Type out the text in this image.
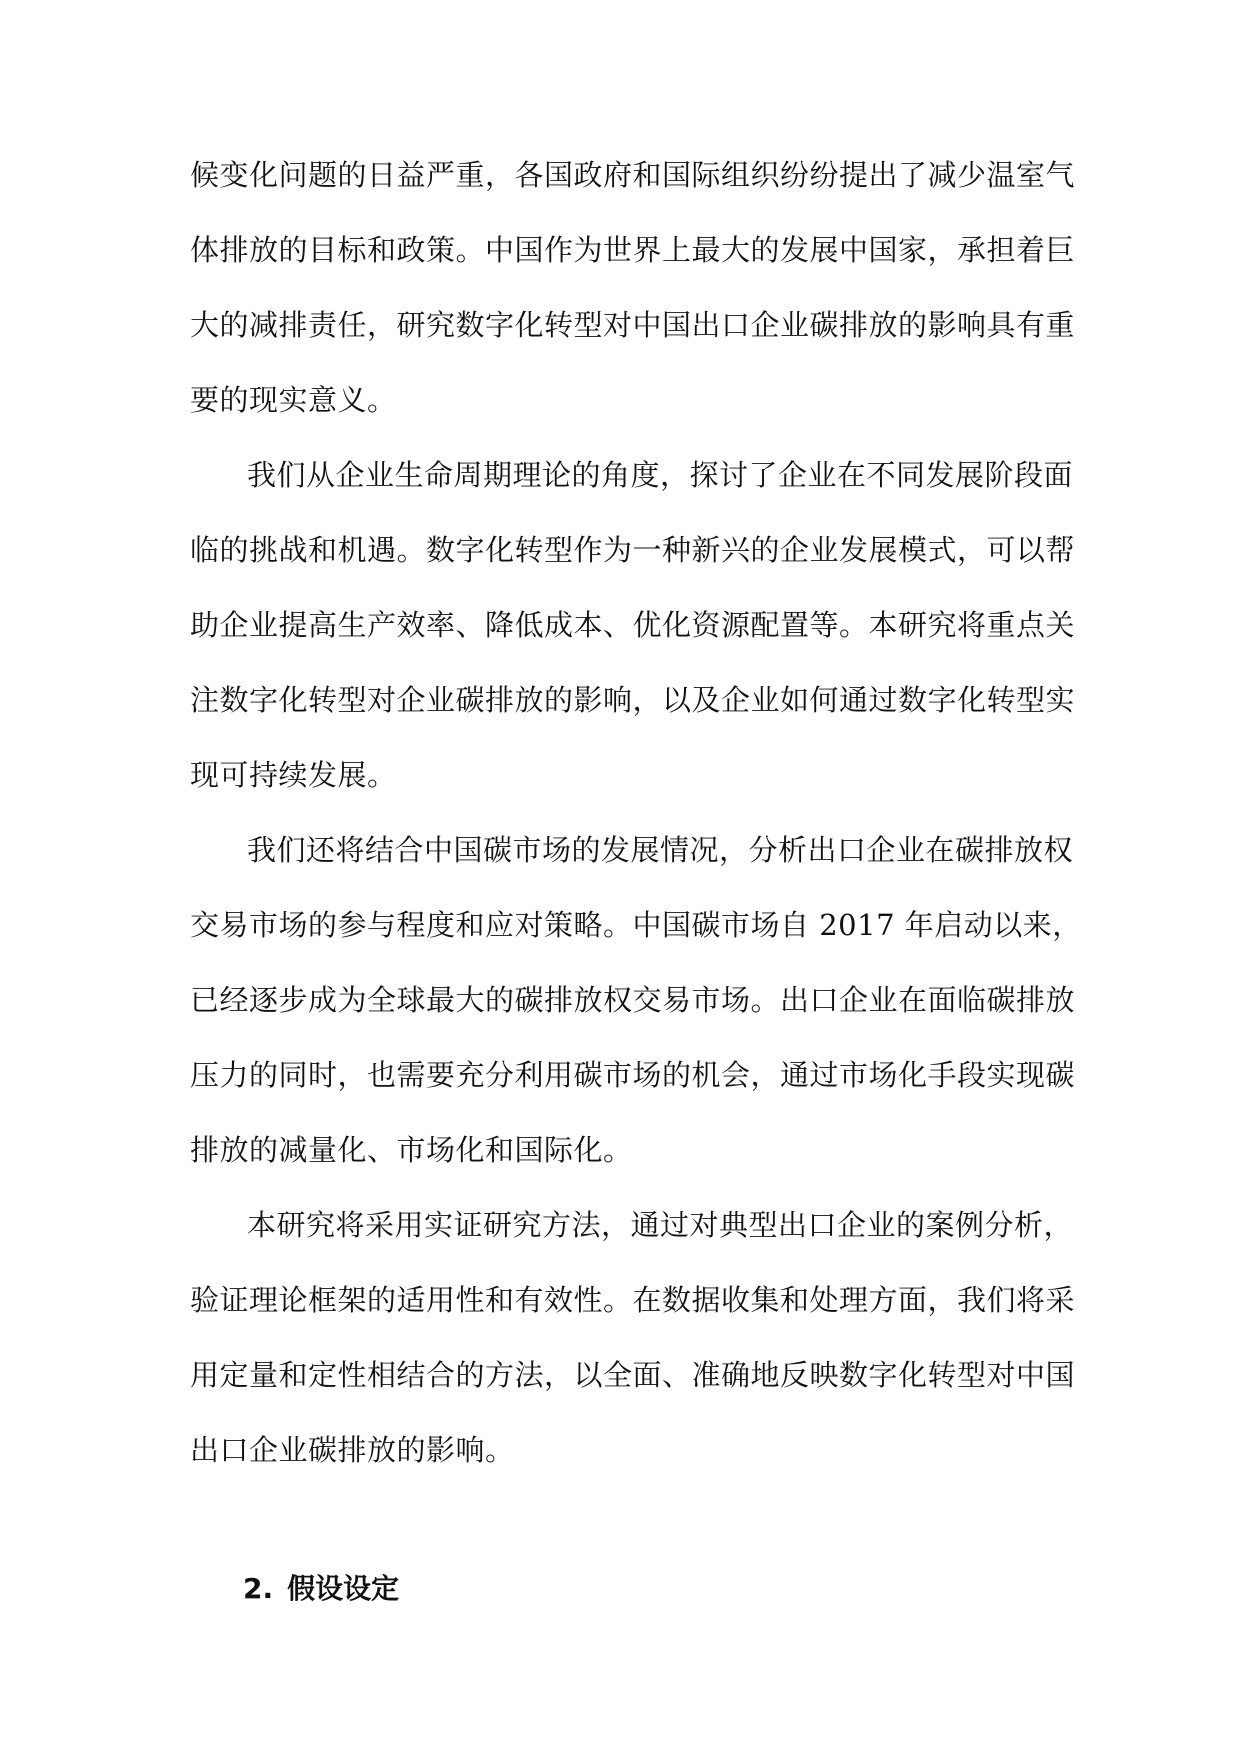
候变化问题的日益严重，各国政府和国际组织纷纷提出了减少温室气
体排放的目标和政策。中国作为世界上最大的发展中国家，承担着巨
大的减排责任，研究数字化转型对中国出口企业碳排放的影响具有重
要的现实意义。
我们从企业生命周期理论的角度，探讨了企业在不同发展阶段面
临的挑战和机遇。数字化转型作为一种新兴的企业发展模式，可以帮
助企业提高生产效率、降低成本、优化资源配置等。本研究将重点关
注数字化转型对企业碳排放的影响，以及企业如何通过数字化转型实
现可持续发展。
我们还将结合中国碳市场的发展情况，分析出口企业在碳排放权
交易市场的参与程度和应对策略。中国碳市场自 2017 年启动以来，
已经逐步成为全球最大的碳排放权交易市场。出口企业在面临碳排放
压力的同时，也需要充分利用碳市场的机会，通过市场化手段实现碳
排放的减量化、市场化和国际化。
本研究将采用实证研究方法，通过对典型出口企业的案例分析，
验证理论框架的适用性和有效性。在数据收集和处理方面，我们将采
用定量和定性相结合的方法，以全面、准确地反映数字化转型对中国
出口企业碳排放的影响。
2. 假设设定
